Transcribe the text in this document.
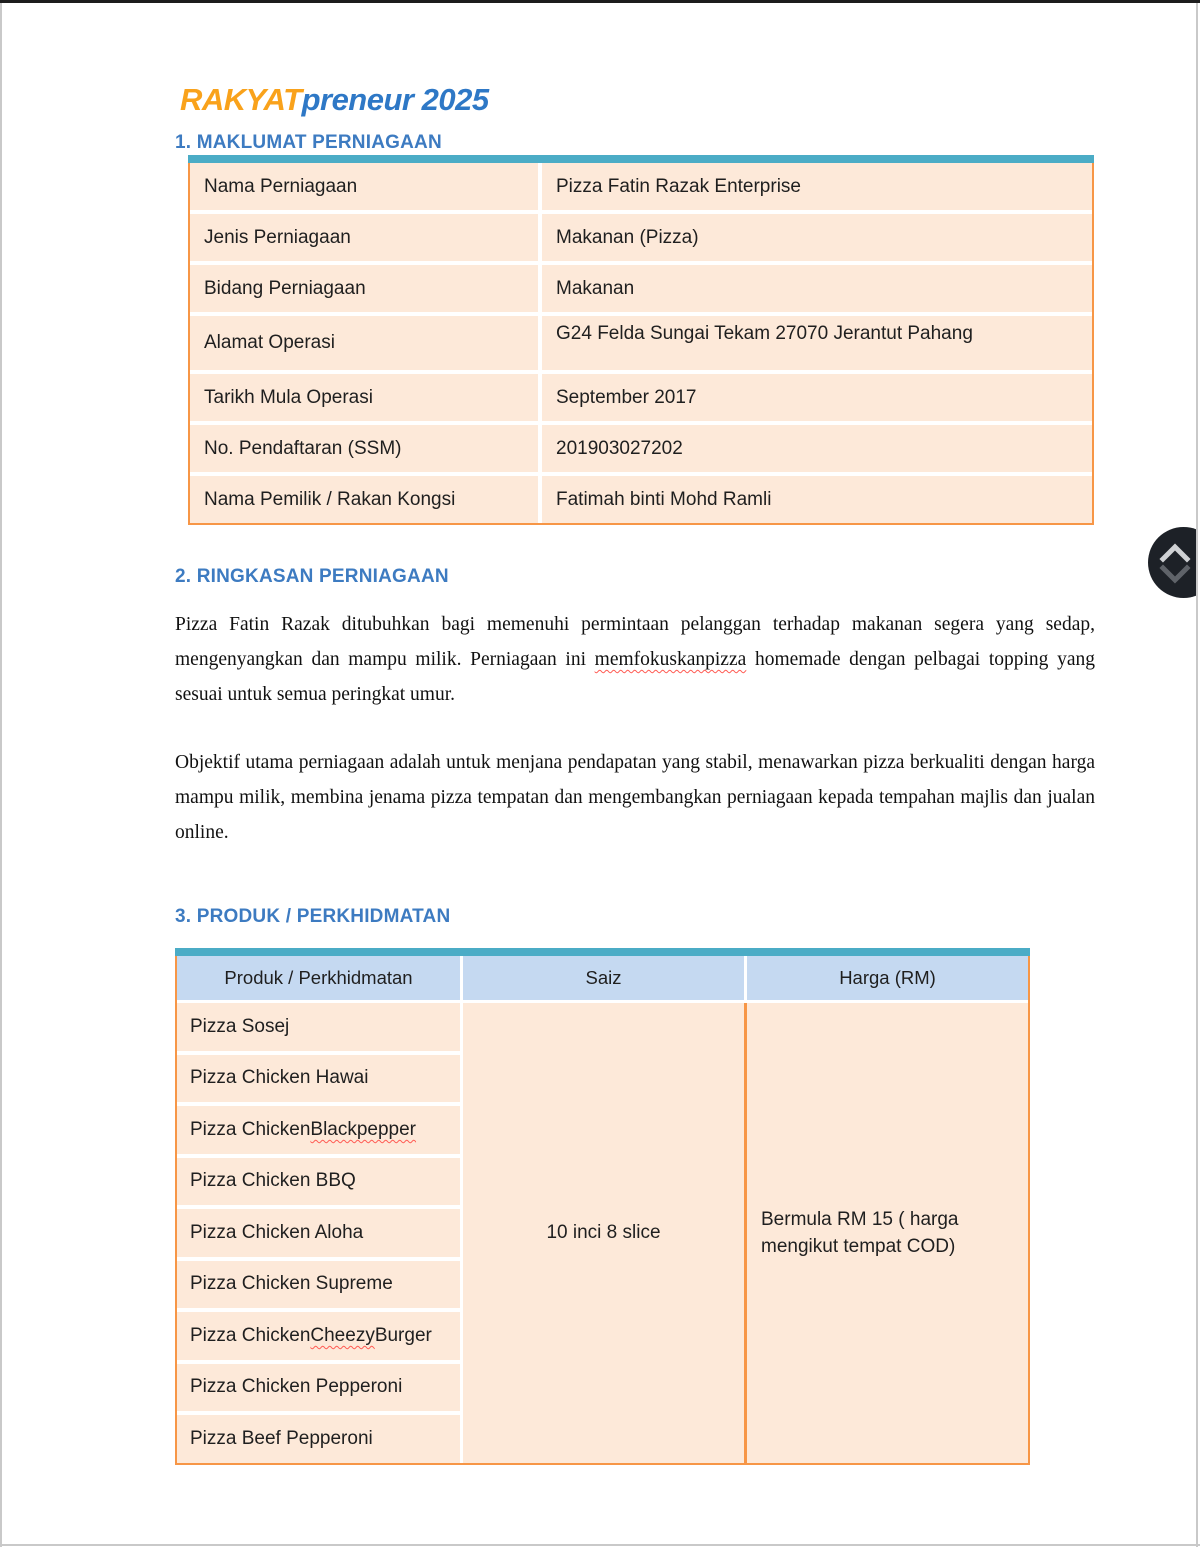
RAKYATpreneur 2025
1. MAKLUMAT PERNIAGAAN
Nama Perniagaan	Pizza Fatin Razak Enterprise
Jenis Perniagaan	Makanan (Pizza)
Bidang Perniagaan	Makanan
Alamat Operasi	G24 Felda Sungai Tekam 27070 Jerantut Pahang
Tarikh Mula Operasi	September 2017
No. Pendaftaran (SSM)	201903027202
Nama Pemilik / Rakan Kongsi	Fatimah binti Mohd Ramli
2. RINGKASAN PERNIAGAAN

Pizza Fatin Razak ditubuhkan bagi memenuhi permintaan pelanggan terhadap makanan segera yang sedap, mengenyangkan dan mampu milik. Perniagaan ini memfokuskanpizza homemade dengan pelbagai topping yang sesuai untuk semua peringkat umur.

Objektif utama perniagaan adalah untuk menjana pendapatan yang stabil, menawarkan pizza berkualiti dengan harga mampu milik, membina jenama pizza tempatan dan mengembangkan perniagaan kepada tempahan majlis dan jualan online.

3. PRODUK / PERKHIDMATAN
Produk / Perkhidmatan	Saiz	Harga (RM)
Pizza Sosej
Pizza Chicken Hawai
Pizza Chicken Blackpepper
Pizza Chicken BBQ
Pizza Chicken Aloha
Pizza Chicken Supreme
Pizza Chicken Cheezy Burger
Pizza Chicken Pepperoni
Pizza Beef Pepperoni
10 inci 8 slice
Bermula RM 15 ( harga mengikut tempat COD)
